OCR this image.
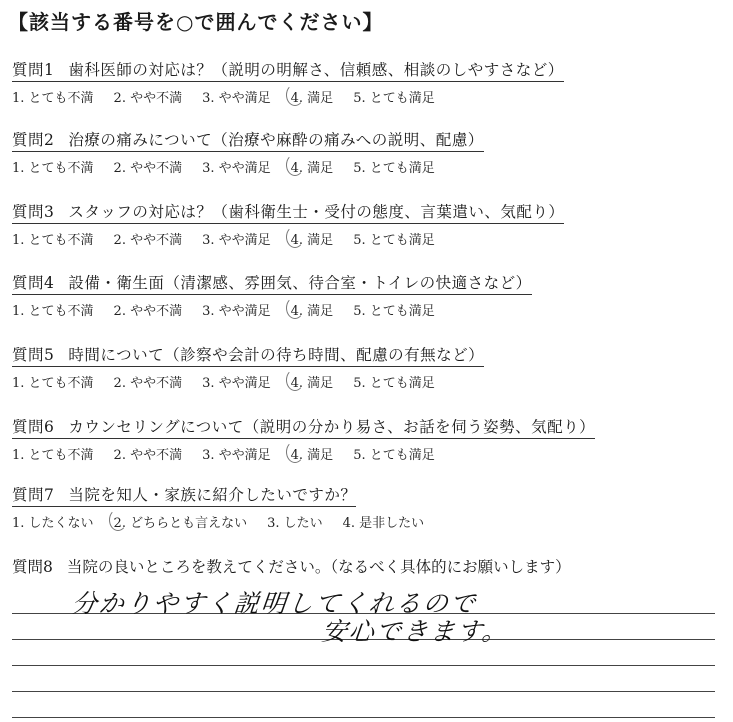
【該当する番号を○で囲んでください】
質問1 歯科医師の対応は？（説明の明解さ、信頼感、相談のしやすさなど）
1. とても不満 2. やや不満 3. やや満足 4. 満足 5. とても満足
質問2 治療の痛みについて（治療や麻酔の痛みへの説明、配慮）
1. とても不満 2. やや不満 3. やや満足 4. 満足 5. とても満足
質問3 スタッフの対応は？（歯科衛生士・受付の態度、言葉遣い、気配り）
1. とても不満 2. やや不満 3. やや満足 4. 満足 5. とても満足
質問4 設備・衛生面（清潔感、雰囲気、待合室・トイレの快適さなど）
1. とても不満 2. やや不満 3. やや満足 4. 満足 5. とても満足
質問5 時間について（診察や会計の待ち時間、配慮の有無など）
1. とても不満 2. やや不満 3. やや満足 4. 満足 5. とても満足
質問6 カウンセリングについて（説明の分かり易さ、お話を伺う姿勢、気配り）
1. とても不満 2. やや不満 3. やや満足 4. 満足 5. とても満足
質問7 当院を知人・家族に紹介したいですか？
1. したくない 2. どちらとも言えない 3. したい 4. 是非したい
質問8 当院の良いところを教えてください。（なるべく具体的にお願いします）
分かりやすく説明してくれるので
安心できます。
